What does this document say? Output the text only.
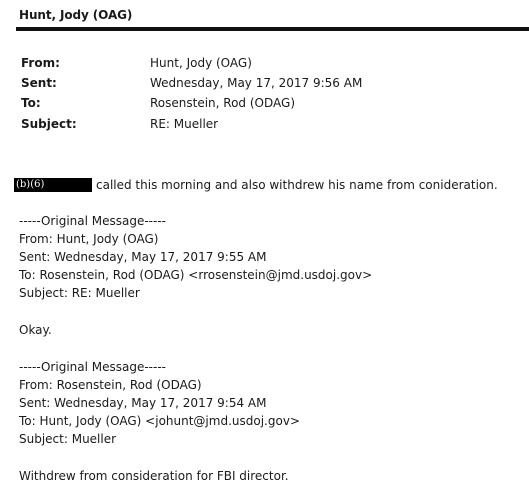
Hunt, Jody (OAG)
From:	Hunt, Jody (OAG)
Sent:	Wednesday, May 17, 2017 9:56 AM
To:	Rosenstein, Rod (ODAG)
Subject:	RE: Mueller
(b)(6)	called this morning and also withdrew his name from conideration.
-----Original Message-----
From: Hunt, Jody (OAG)
Sent: Wednesday, May 17, 2017 9:55 AM
To: Rosenstein, Rod (ODAG) <rrosenstein@jmd.usdoj.gov>
Subject: RE: Mueller
Okay.
-----Original Message-----
From: Rosenstein, Rod (ODAG)
Sent: Wednesday, May 17, 2017 9:54 AM
To: Hunt, Jody (OAG) <johunt@jmd.usdoj.gov>
Subject: Mueller
Withdrew from consideration for FBI director.
